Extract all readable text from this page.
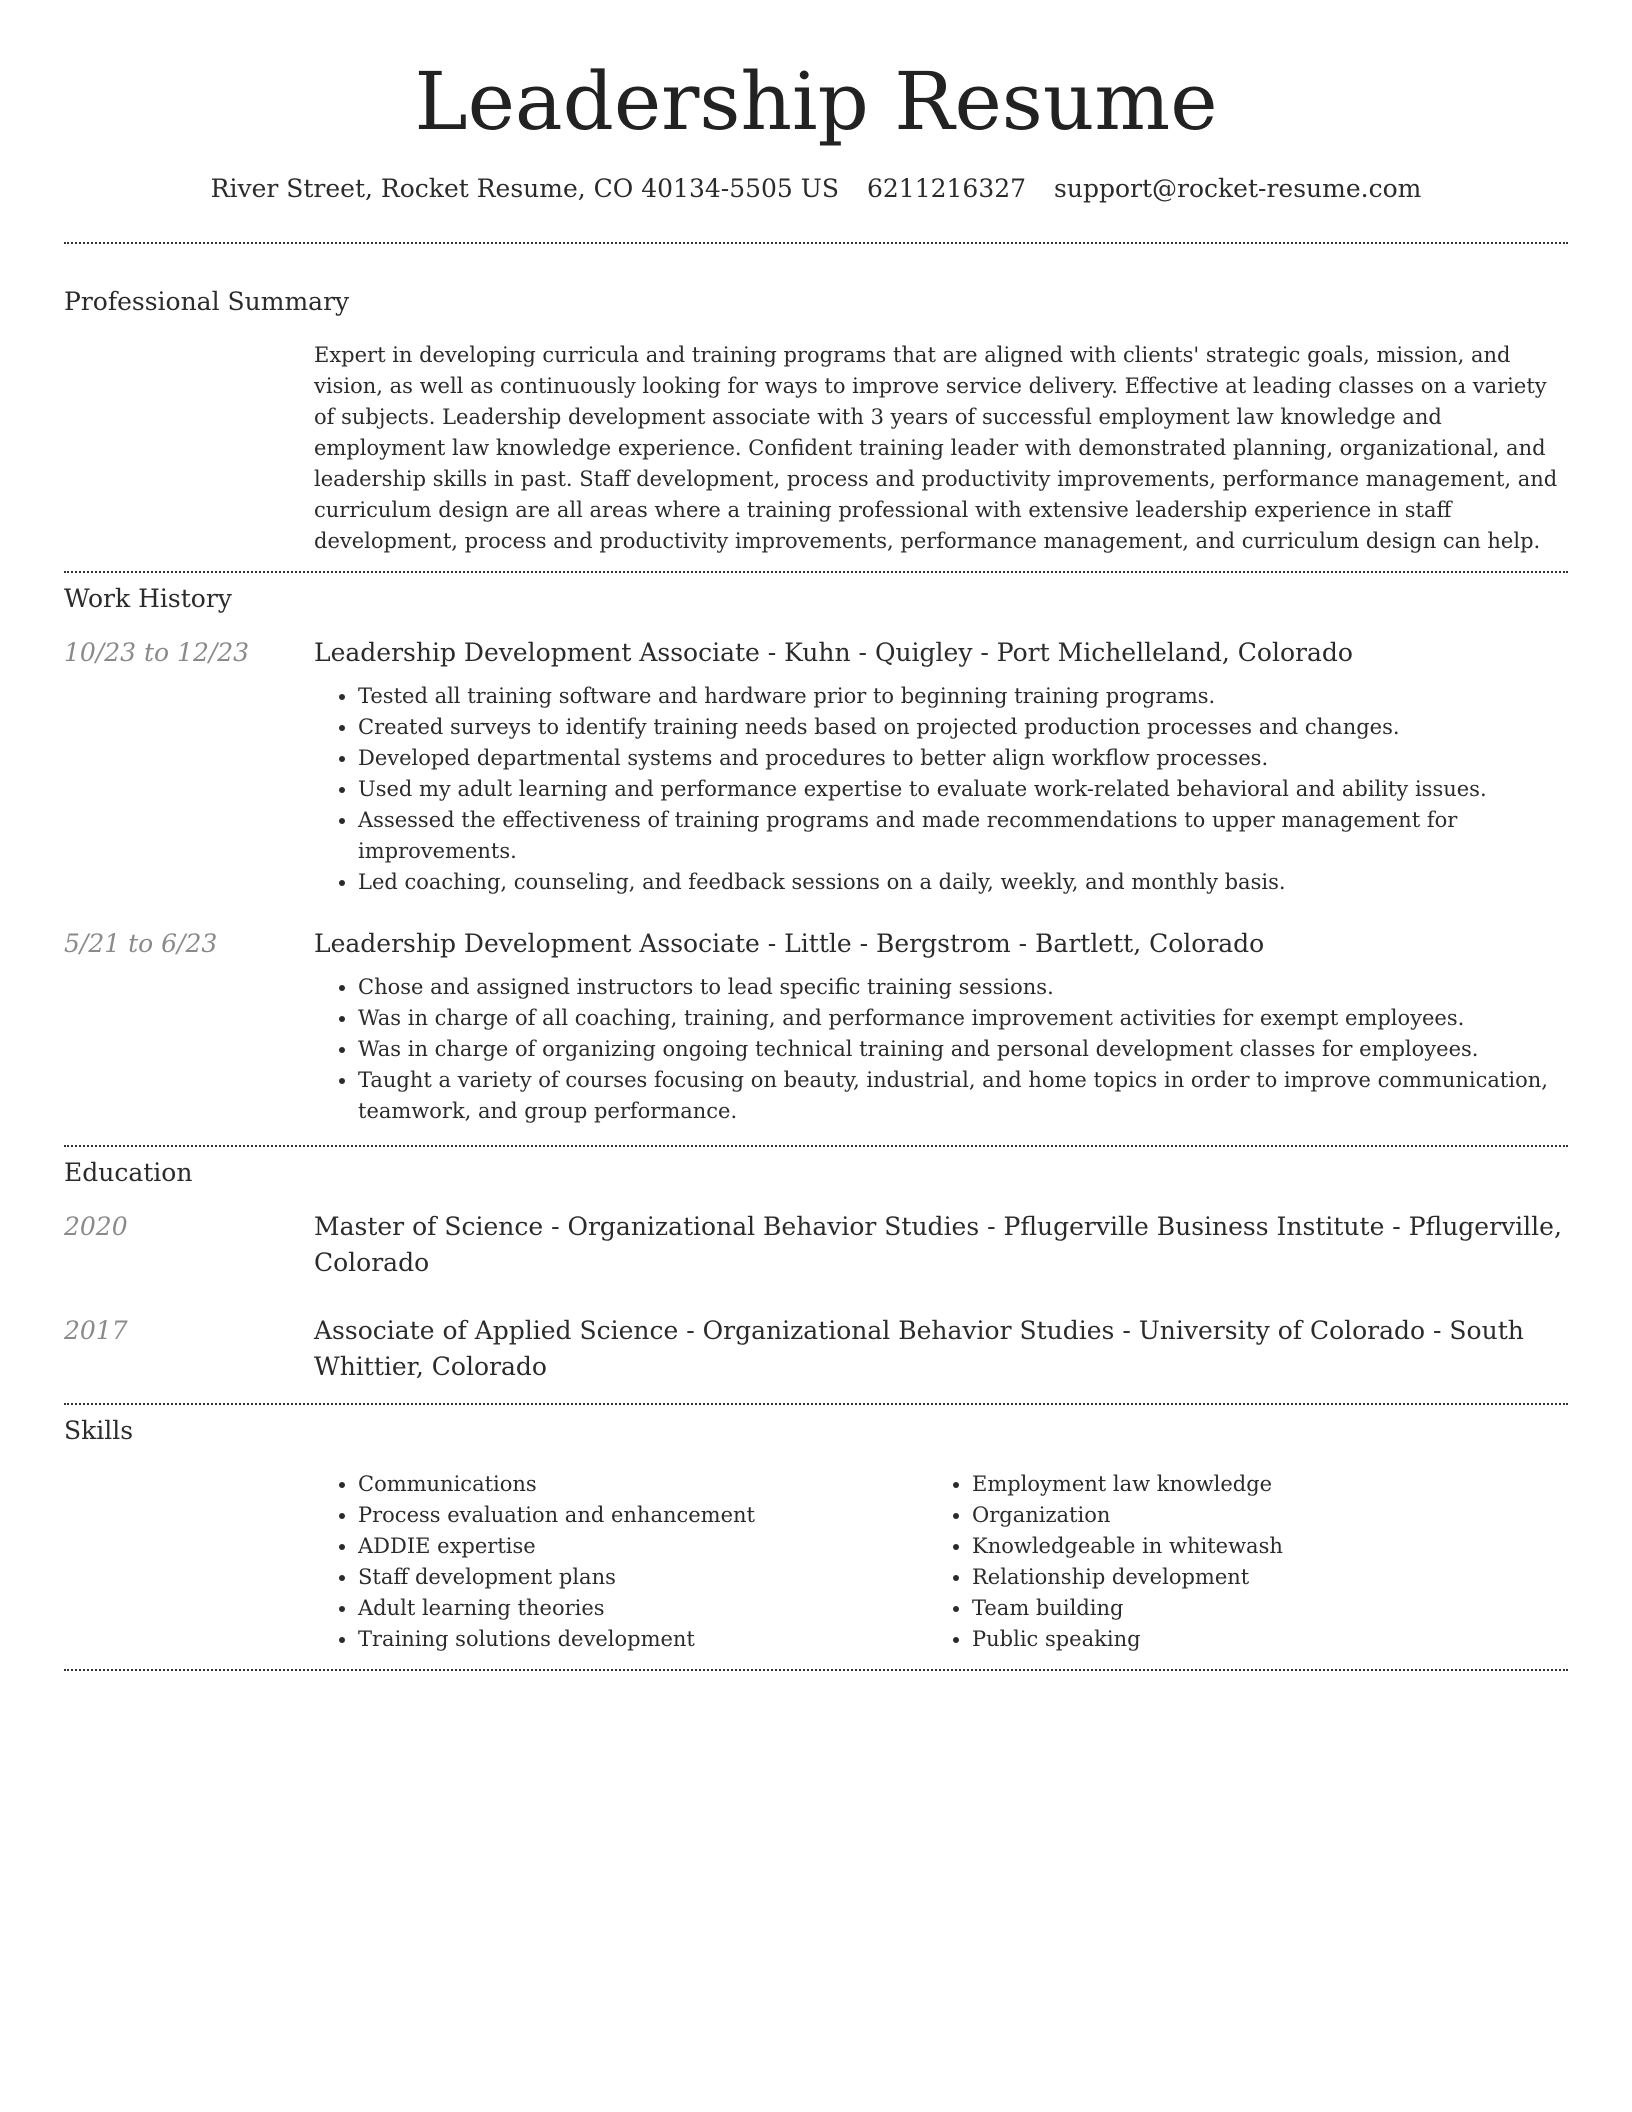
Leadership Resume
River Street, Rocket Resume, CO 40134-5505 US 6211216327 support@rocket-resume.com
Professional Summary

Expert in developing curricula and training programs that are aligned with clients' strategic goals, mission, and vision, as well as continuously looking for ways to improve service delivery. Effective at leading classes on a variety of subjects. Leadership development associate with 3 years of successful employment law knowledge and employment law knowledge experience. Confident training leader with demonstrated planning, organizational, and leadership skills in past. Staff development, process and productivity improvements, performance management, and curriculum design are all areas where a training professional with extensive leadership experience in staff development, process and productivity improvements, performance management, and curriculum design can help.

Work History
10/23 to 12/23	Leadership Development Associate - Kuhn - Quigley - Port Michelleland, Colorado

• Tested all training software and hardware prior to beginning training programs.
• Created surveys to identify training needs based on projected production processes and changes.
• Developed departmental systems and procedures to better align workflow processes.
• Used my adult learning and performance expertise to evaluate work-related behavioral and ability issues.
• Assessed the effectiveness of training programs and made recommendations to upper management for improvements.
• Led coaching, counseling, and feedback sessions on a daily, weekly, and monthly basis.
5/21 to 6/23	Leadership Development Associate - Little - Bergstrom - Bartlett, Colorado

• Chose and assigned instructors to lead specific training sessions.
• Was in charge of all coaching, training, and performance improvement activities for exempt employees.
• Was in charge of organizing ongoing technical training and personal development classes for employees.
• Taught a variety of courses focusing on beauty, industrial, and home topics in order to improve communication, teamwork, and group performance.
Education
2020	Master of Science - Organizational Behavior Studies - Pflugerville Business Institute - Pflugerville, Colorado

2017	Associate of Applied Science - Organizational Behavior Studies - University of Colorado - South Whittier, Colorado

Skills
• Communications
• Process evaluation and enhancement
• ADDIE expertise
• Staff development plans
• Adult learning theories
• Training solutions development
• Employment law knowledge
• Organization
• Knowledgeable in whitewash
• Relationship development
• Team building
• Public speaking
